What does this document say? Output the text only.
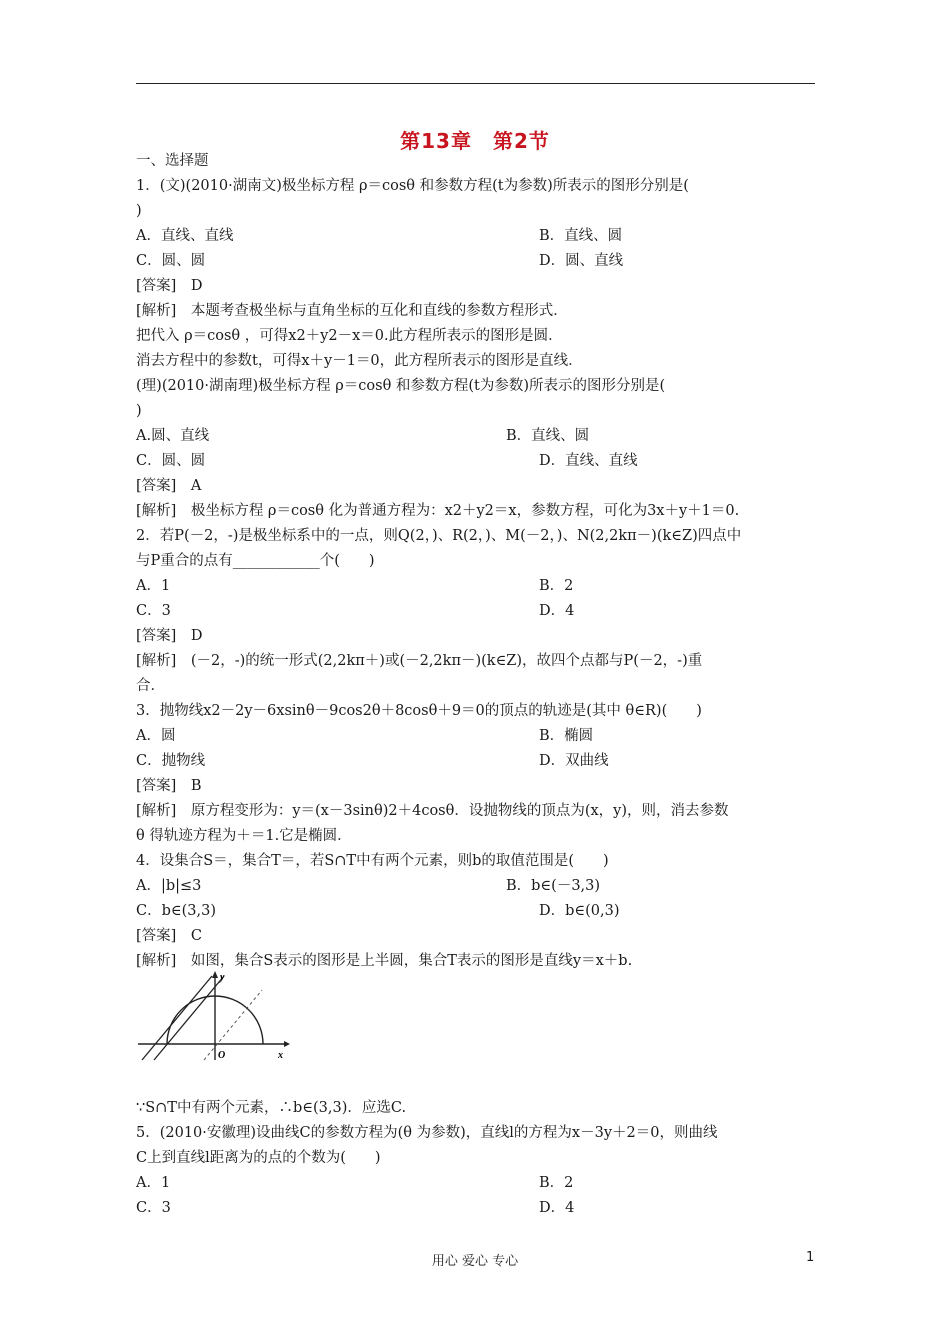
第13章　第2节
一、选择题
1．(文)(2010·湖南文)极坐标方程 ρ＝cosθ 和参数方程(t为参数)所表示的图形分别是(
)
A．直线、直线	B．直线、圆
C．圆、圆	D．圆、直线
[答案]　D
[解析]　本题考查极坐标与直角坐标的互化和直线的参数方程形式．
把代入 ρ＝cosθ ，可得x2＋y2－x＝0.此方程所表示的图形是圆．
消去方程中的参数t，可得x＋y－1＝0，此方程所表示的图形是直线．
(理)(2010·湖南理)极坐标方程 ρ＝cosθ 和参数方程(t为参数)所表示的图形分别是(
)
A.圆、直线	B．直线、圆
C．圆、圆	D．直线、直线
[答案]　A
[解析]　极坐标方程 ρ＝cosθ 化为普通方程为：x2＋y2＝x，参数方程，可化为3x＋y＋1＝0.
2．若P(－2，-)是极坐标系中的一点，则Q(2，)、R(2，)、M(－2，)、N(2,2kπ－)(k∈Z)四点中
与P重合的点有____________个(　　)
A．1	B．2
C．3	D．4
[答案]　D
[解析]　(－2，-)的统一形式(2,2kπ＋)或(－2,2kπ－)(k∈Z)，故四个点都与P(－2，-)重
合．
3．抛物线x2－2y－6xsinθ－9cos2θ＋8cosθ＋9＝0的顶点的轨迹是(其中 θ∈R)(　　)
A．圆	B．椭圆
C．抛物线	D．双曲线
[答案]　B
[解析]　原方程变形为：y＝(x－3sinθ)2＋4cosθ．设抛物线的顶点为(x，y)，则，消去参数
θ 得轨迹方程为＋＝1.它是椭圆．
4．设集合S＝，集合T＝，若S∩T中有两个元素，则b的取值范围是(　　)
A．|b|≤3	B．b∈(－3,3)
C．b∈(3,3)	D．b∈(0,3)
[答案]　C
[解析]　如图，集合S表示的图形是上半圆，集合T表示的图形是直线y＝x＋b.
y
x
O
∵S∩T中有两个元素，∴b∈(3,3)．应选C.
5．(2010·安徽理)设曲线C的参数方程为(θ 为参数)，直线l的方程为x－3y＋2＝0，则曲线
C上到直线l距离为的点的个数为(　　)
A．1	B．2
C．3	D．4
用心 爱心 专心	1
